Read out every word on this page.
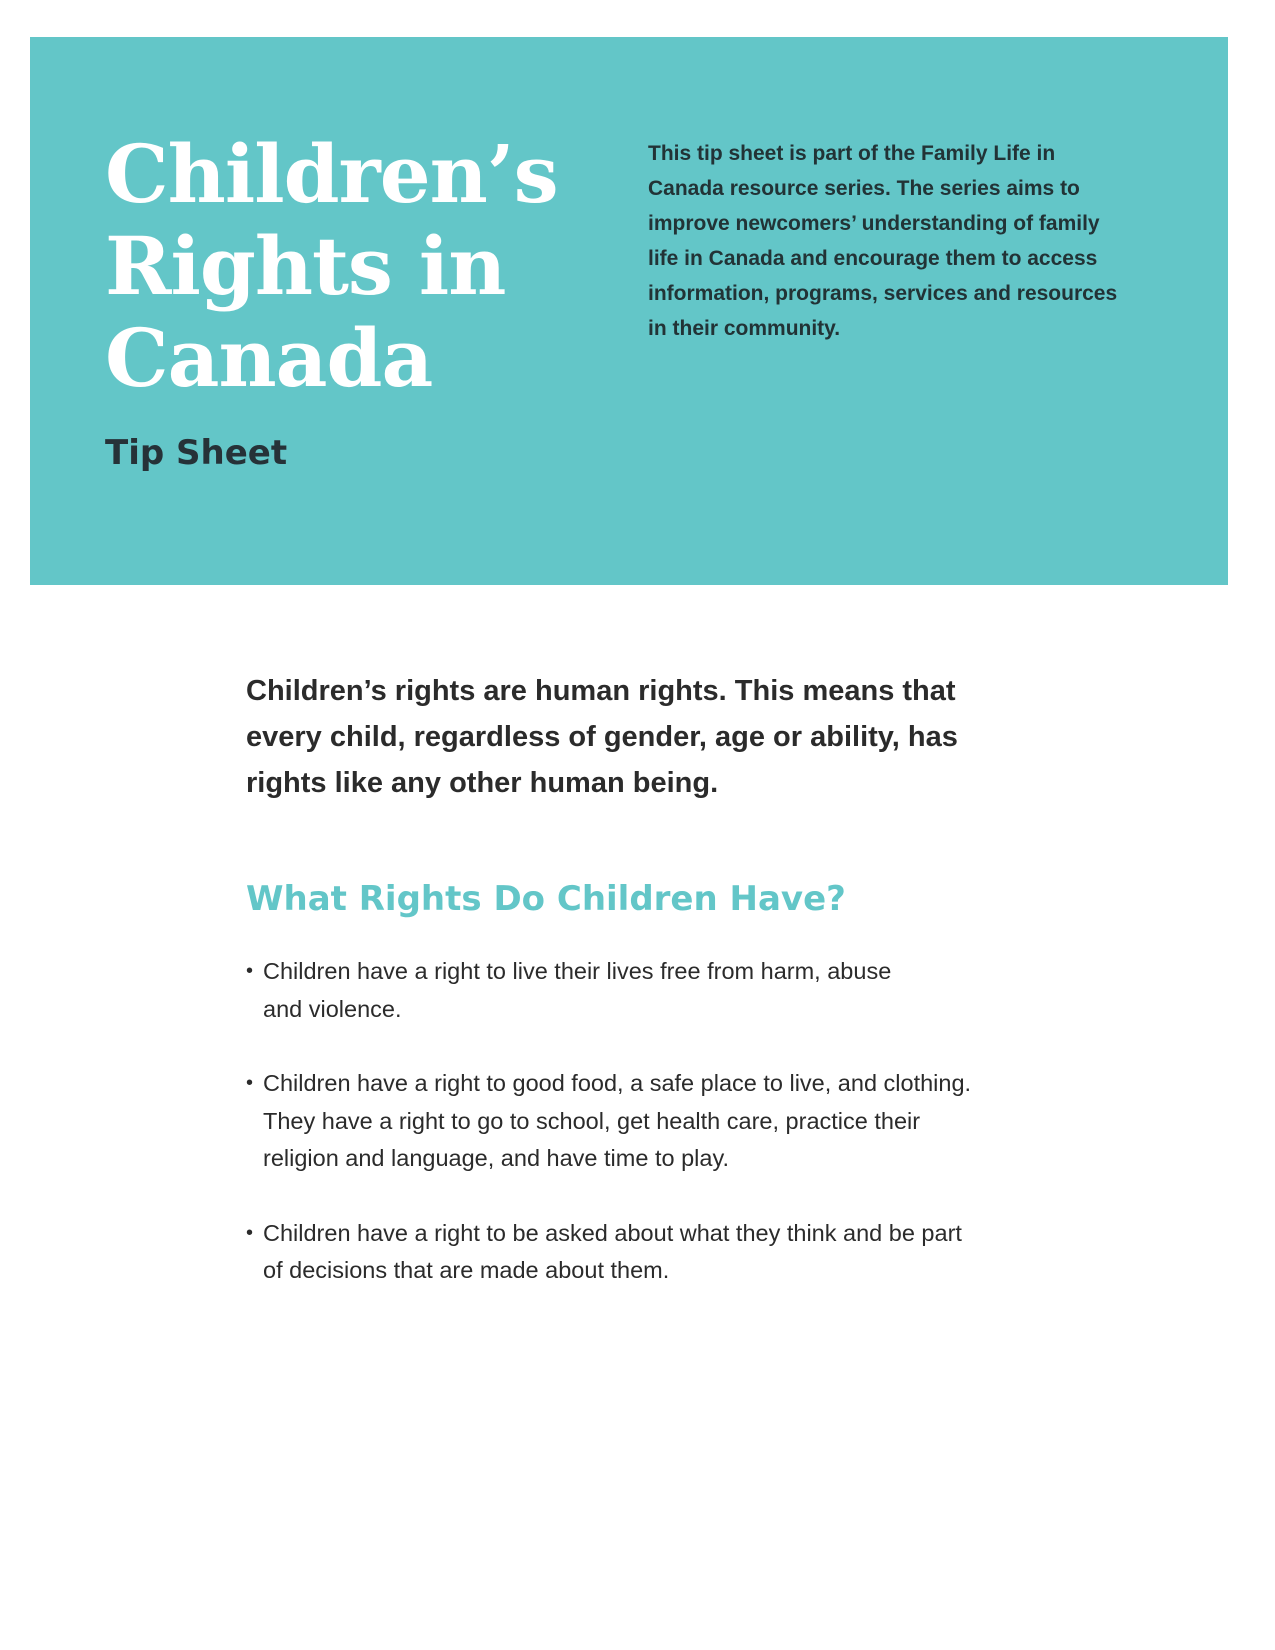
Children’s
Rights in
Canada
Tip Sheet

This tip sheet is part of the Family Life in
Canada resource series. The series aims to
improve newcomers’ understanding of family
life in Canada and encourage them to access
information, programs, services and resources
in their community.

Children’s rights are human rights. This means that
every child, regardless of gender, age or ability, has
rights like any other human being.

What Rights Do Children Have?
• Children have a right to live their lives free from harm, abuse
and violence.
• Children have a right to good food, a safe place to live, and clothing.
They have a right to go to school, get health care, practice their
religion and language, and have time to play.
• Children have a right to be asked about what they think and be part
of decisions that are made about them.
